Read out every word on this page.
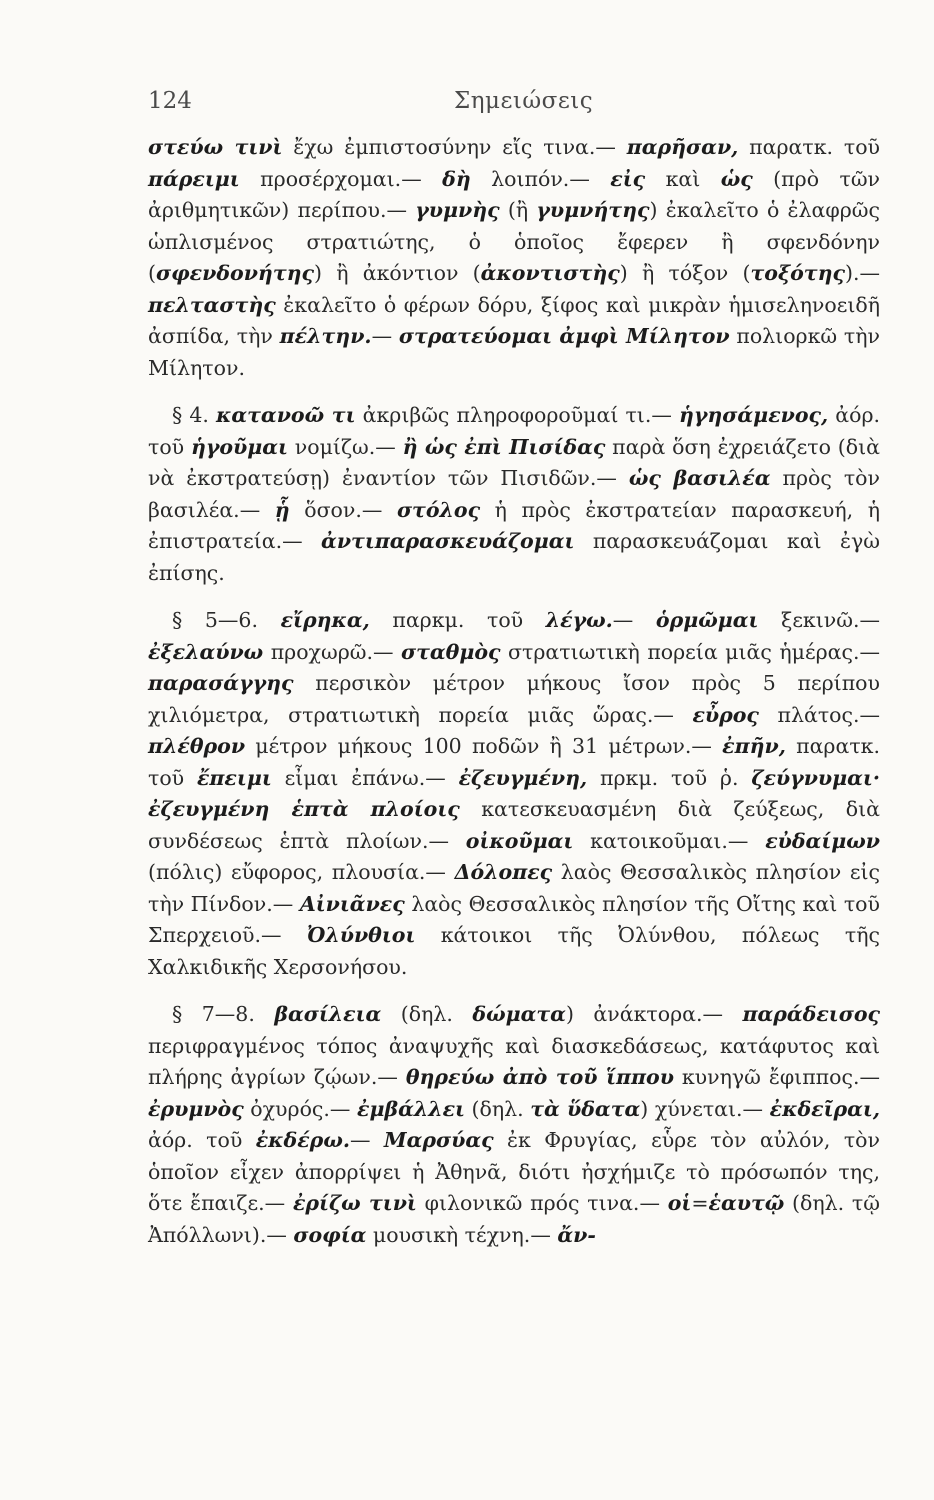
124	Σημειώσεις

στεύω τινὶ ἔχω ἐμπιστοσύνην εἴς τινα.— παρῆσαν, παρατκ. τοῦ πάρειμι προσέρχομαι.— δὴ λοιπόν.— εἰς καὶ ὡς (πρὸ τῶν ἀριθμητικῶν) περίπου.— γυμνὴς (ἢ γυμνήτης) ἐκαλεῖτο ὁ ἐλαφρῶς ὡπλισμένος στρατιώτης, ὁ ὁποῖος ἔφερεν ἢ σφενδόνην (σφενδονήτης) ἢ ἀκόντιον (ἀκοντιστὴς) ἢ τόξον (τοξότης).— πελταστὴς ἐκαλεῖτο ὁ φέρων δόρυ, ξίφος καὶ μικρὰν ἡμισεληνοειδῆ ἀσπίδα, τὴν πέλτην.— στρατεύομαι ἀμφὶ Μίλητον πολιορκῶ τὴν Μίλητον.

§ 4. κατανοῶ τι ἀκριβῶς πληροφοροῦμαί τι.— ἡγησάμενος, ἀόρ. τοῦ ἡγοῦμαι νομίζω.— ἢ ὡς ἐπὶ Πισίδας παρὰ ὅση ἐχρειάζετο (διὰ νὰ ἐκστρατεύσῃ) ἐναντίον τῶν Πισιδῶν.— ὡς βασιλέα πρὸς τὸν βασιλέα.— ᾗ ὅσον.— στόλος ἡ πρὸς ἐκστρατείαν παρασκευή, ἡ ἐπιστρατεία.— ἀντιπαρασκευάζομαι παρασκευάζομαι καὶ ἐγὼ ἐπίσης.

§ 5—6. εἴρηκα, παρκμ. τοῦ λέγω.— ὁρμῶμαι ξεκινῶ.— ἐξελαύνω προχωρῶ.— σταθμὸς στρατιωτικὴ πορεία μιᾶς ἡμέρας.— παρασάγγης περσικὸν μέτρον μήκους ἴσον πρὸς 5 περίπου χιλιόμετρα, στρατιωτικὴ πορεία μιᾶς ὥρας.— εὖρος πλάτος.— πλέθρον μέτρον μήκους 100 ποδῶν ἢ 31 μέτρων.— ἐπῆν, παρατκ. τοῦ ἔπειμι εἶμαι ἐπάνω.— ἐζευγμένη, πρκμ. τοῦ ῥ. ζεύγνυμαι· ἐζευγμένη ἑπτὰ πλοίοις κατεσκευασμένη διὰ ζεύξεως, διὰ συνδέσεως ἑπτὰ πλοίων.— οἰκοῦμαι κατοικοῦμαι.— εὐδαίμων (πόλις) εὔφορος, πλουσία.— Δόλοπες λαὸς Θεσσαλικὸς πλησίον εἰς τὴν Πίνδον.— Αἰνιᾶνες λαὸς Θεσσαλικὸς πλησίον τῆς Οἴτης καὶ τοῦ Σπερχειοῦ.— Ὀλύνθιοι κάτοικοι τῆς Ὀλύνθου, πόλεως τῆς Χαλκιδικῆς Χερσονήσου.

§ 7—8. βασίλεια (δηλ. δώματα) ἀνάκτορα.— παράδεισος περιφραγμένος τόπος ἀναψυχῆς καὶ διασκεδάσεως, κατάφυτος καὶ πλήρης ἀγρίων ζῴων.— θηρεύω ἀπὸ τοῦ ἵππου κυνηγῶ ἔφιππος.— ἐρυμνὸς ὀχυρός.— ἐμβάλλει (δηλ. τὰ ὕδατα) χύνεται.— ἐκδεῖραι, ἀόρ. τοῦ ἐκδέρω.— Μαρσύας ἐκ Φρυγίας, εὗρε τὸν αὐλόν, τὸν ὁποῖον εἶχεν ἀπορρίψει ἡ Ἀθηνᾶ, διότι ἠσχήμιζε τὸ πρόσωπόν της, ὅτε ἔπαιζε.— ἐρίζω τινὶ φιλονικῶ πρός τινα.— οἱ=ἑαυτῷ (δηλ. τῷ Ἀπόλλωνι).— σοφία μουσικὴ τέχνη.— ἄν-
